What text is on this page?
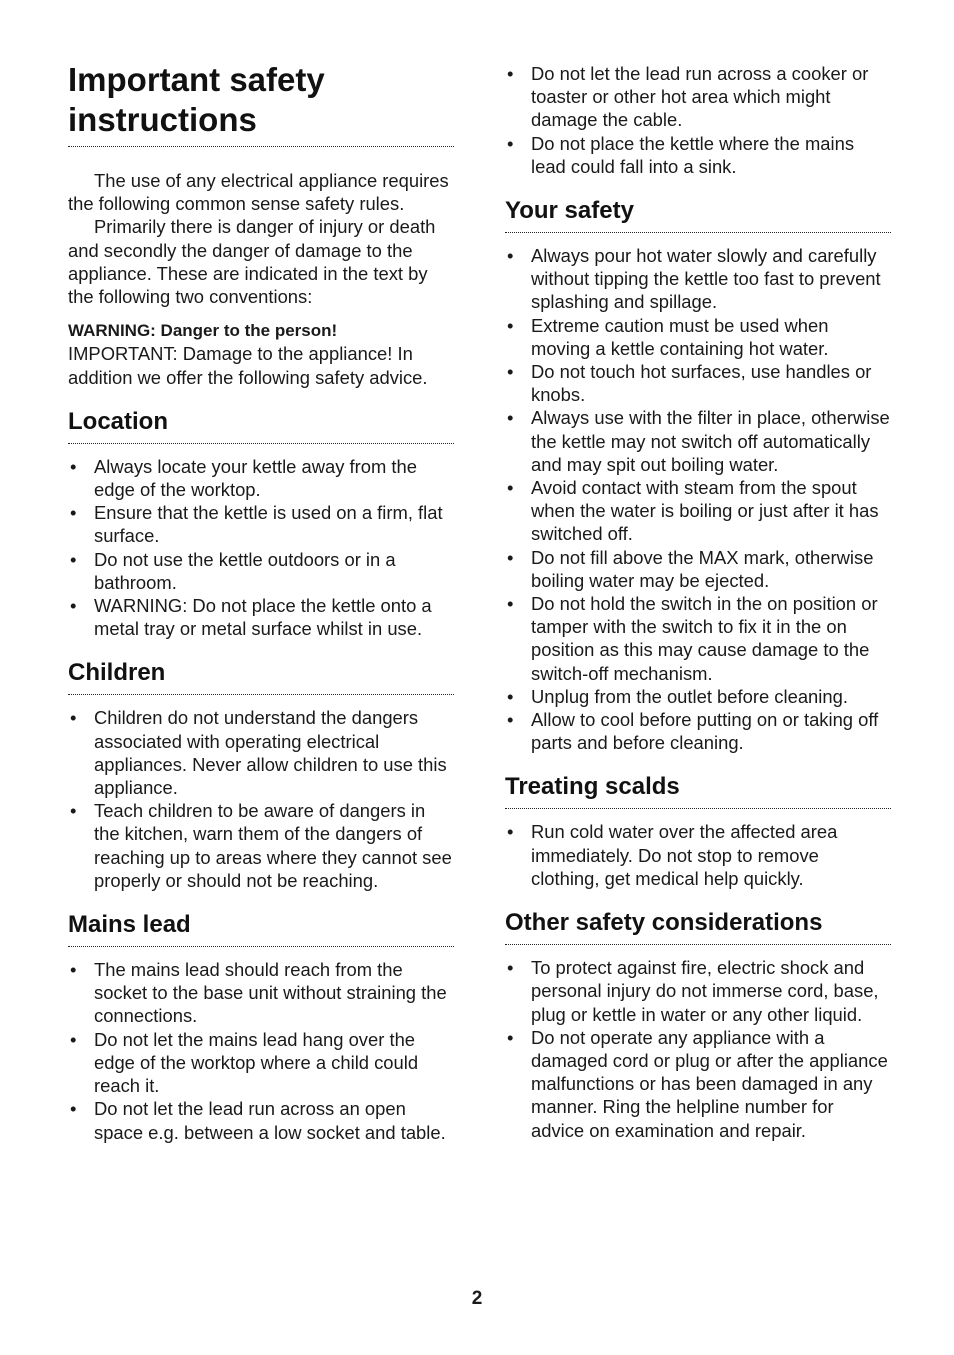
Important safety instructions

The use of any electrical appliance requires the following common sense safety rules.

Primarily there is danger of injury or death and secondly the danger of damage to the appliance. These are indicated in the text by the following two conventions:

WARNING: Danger to the person!

IMPORTANT: Damage to the appliance! In addition we offer the following safety advice.

Location
• Always locate your kettle away from the edge of the worktop.
• Ensure that the kettle is used on a firm, flat surface.
• Do not use the kettle outdoors or in a bathroom.
• WARNING: Do not place the kettle onto a metal tray or metal surface whilst in use.
Children
• Children do not understand the dangers associated with operating electrical appliances. Never allow children to use this appliance.
• Teach children to be aware of dangers in the kitchen, warn them of the dangers of reaching up to areas where they cannot see properly or should not be reaching.
Mains lead
• The mains lead should reach from the socket to the base unit without straining the connections.
• Do not let the mains lead hang over the edge of the worktop where a child could reach it.
• Do not let the lead run across an open space e.g. between a low socket and table.
• Do not let the lead run across a cooker or toaster or other hot area which might damage the cable.
• Do not place the kettle where the mains lead could fall into a sink.
Your safety
• Always pour hot water slowly and carefully without tipping the kettle too fast to prevent splashing and spillage.
• Extreme caution must be used when moving a kettle containing hot water.
• Do not touch hot surfaces, use handles or knobs.
• Always use with the filter in place, otherwise the kettle may not switch off automatically and may spit out boiling water.
• Avoid contact with steam from the spout when the water is boiling or just after it has switched off.
• Do not fill above the MAX mark, otherwise boiling water may be ejected.
• Do not hold the switch in the on position or tamper with the switch to fix it in the on position as this may cause damage to the switch-off mechanism.
• Unplug from the outlet before cleaning.
• Allow to cool before putting on or taking off parts and before cleaning.
Treating scalds
• Run cold water over the affected area immediately. Do not stop to remove clothing, get medical help quickly.
Other safety considerations
• To protect against fire, electric shock and personal injury do not immerse cord, base, plug or kettle in water or any other liquid.
• Do not operate any appliance with a damaged cord or plug or after the appliance malfunctions or has been damaged in any manner. Ring the helpline number for advice on examination and repair.
2
